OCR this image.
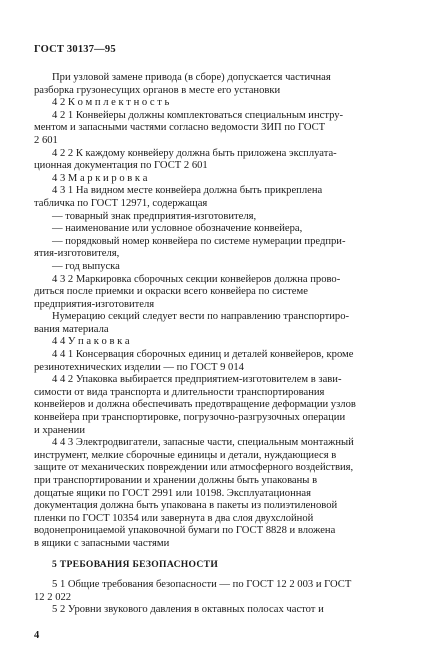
ГОСТ 30137—95
При узловой замене привода (в сборе) допускается частичная
разборка грузонесущих органов в месте его установки
4 2 К о м п л е к т н о с т ь
4 2 1 Конвейеры должны комплектоваться специальным инстру-
ментом и запасными частями согласно ведомости ЗИП по ГОСТ
2 601
4 2 2 К каждому конвейеру должна быть приложена эксплуата-
ционная документация по ГОСТ 2 601
4 3 М а р к и р о в к а
4 3 1 На видном месте конвейера должна быть прикреплена
табличка по ГОСТ 12971, содержащая
— товарный знак предприятия-изготовителя,
— наименование или условное обозначение конвейера,
— порядковый номер конвейера по системе нумерации предпри-
ятия-изготовителя,
— год выпуска
4 3 2 Маркировка сборочных секции конвейеров должна прово-
диться после приемки и окраски всего конвейера по системе
предприятия-изготовителя
Нумерацию секций следует вести по направлению транспортиро-
вания материала
4 4 У п а к о в к а
4 4 1 Консервация сборочных единиц и деталей конвейеров, кроме
резинотехнических изделии — по ГОСТ 9 014
4 4 2 Упаковка выбирается предприятием-изготовителем в зави-
симости от вида транспорта и длительности транспортирования
конвейеров и должна обеспечивать предотвращение деформации узлов
конвейера при транспортировке, погрузочно-разгрузочных операции
и хранении
4 4 3 Электродвигатели, запасные части, специальным монтажный
инструмент, мелкие сборочные единицы и детали, нуждающиеся в
защите от механических повреждении или атмосферного воздействия,
при транспортировании и хранении должны быть упакованы в
дощатые ящики по ГОСТ 2991 или 10198. Эксплуатационная
документация должна быть упакована в пакеты из полиэтиленовой
пленки по ГОСТ 10354 или завернута в два слоя двухслойной
водонепроницаемой упаковочной бумаги по ГОСТ 8828 и вложена
в ящики с запасными частями
5 ТРЕБОВАНИЯ БЕЗОПАСНОСТИ
5 1 Общие требования безопасности — по ГОСТ 12 2 003 и ГОСТ
12 2 022
5 2 Уровни звукового давления в октавных полосах частот и
4
